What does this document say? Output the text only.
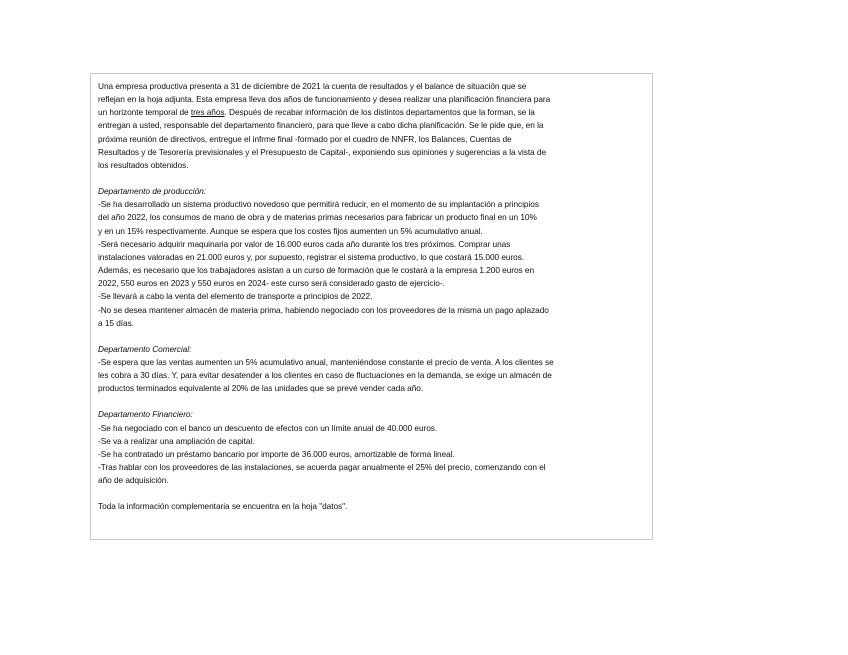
Una empresa productiva presenta a 31 de diciembre de 2021 la cuenta de resultados y el balance de situación que se
reflejan en la hoja adjunta. Esta empresa lleva dos años de funcionamiento y desea realizar una planificación financiera para
un horizonte temporal de tres años. Después de recabar información de los distintos departamentos que la forman, se la
entregan a usted, responsable del departamento financiero, para que lleve a cabo dicha planificación. Se le pide que, en la
próxima reunión de directivos, entregue el infrme final -formado por el cuadro de NNFR, los Balances, Cuentas de
Resultados y de Tesorería previsionales y el Presupuesto de Capital-, exponiendo sus opiniones y sugerencias a la vista de
los resultados obtenidos.
Departamento de producción:
-Se ha desarrollado un sistema productivo novedoso que permitirá reducir, en el momento de su implantación a principios
del año 2022, los consumos de mano de obra y de materias primas necesarios para fabricar un producto final en un 10%
y en un 15% respectivamente. Aunque se espera que los costes fijos aumenten un 5% acumulativo anual.
-Será necesario adquirir maquinaria por valor de 16.000 euros cada año durante los tres próximos. Comprar unas
instalaciones valoradas en 21.000 euros y, por supuesto, registrar el sistema productivo, lo que costará 15.000 euros.
Además, es necesario que los trabajadores asistan a un curso de formación que le costará a la empresa 1.200 euros en
2022, 550 euros en 2023 y 550 euros en 2024- este curso será considerado gasto de ejercicio-.
-Se llevará a cabo la venta del elemento de transporte a principios de 2022.
-No se desea mantener almacén de materia prima, habiendo negociado con los proveedores de la misma un pago aplazado
a 15 días.
Departamento Comercial:
-Se espera que las ventas aumenten un 5% acumulativo anual, manteniéndose constante el precio de venta. A los clientes se
les cobra a 30 días. Y, para evitar desatender a los clientes en caso de fluctuaciones en la demanda, se exige un almacén de
productos terminados equivalente al 20% de las unidades que se prevé vender cada año.
Departamento Financiero:
-Se ha negociado con el banco un descuento de efectos con un límite anual de 40.000 euros.
-Se va a realizar una ampliación de capital.
-Se ha contratado un préstamo bancario por importe de 36.000 euros, amortizable de forma lineal.
-Tras hablar con los proveedores de las instalaciones, se acuerda pagar anualmente el 25% del precio, comenzando con el
año de adquisición.
Toda la información complementaria se encuentra en la hoja "datos".
